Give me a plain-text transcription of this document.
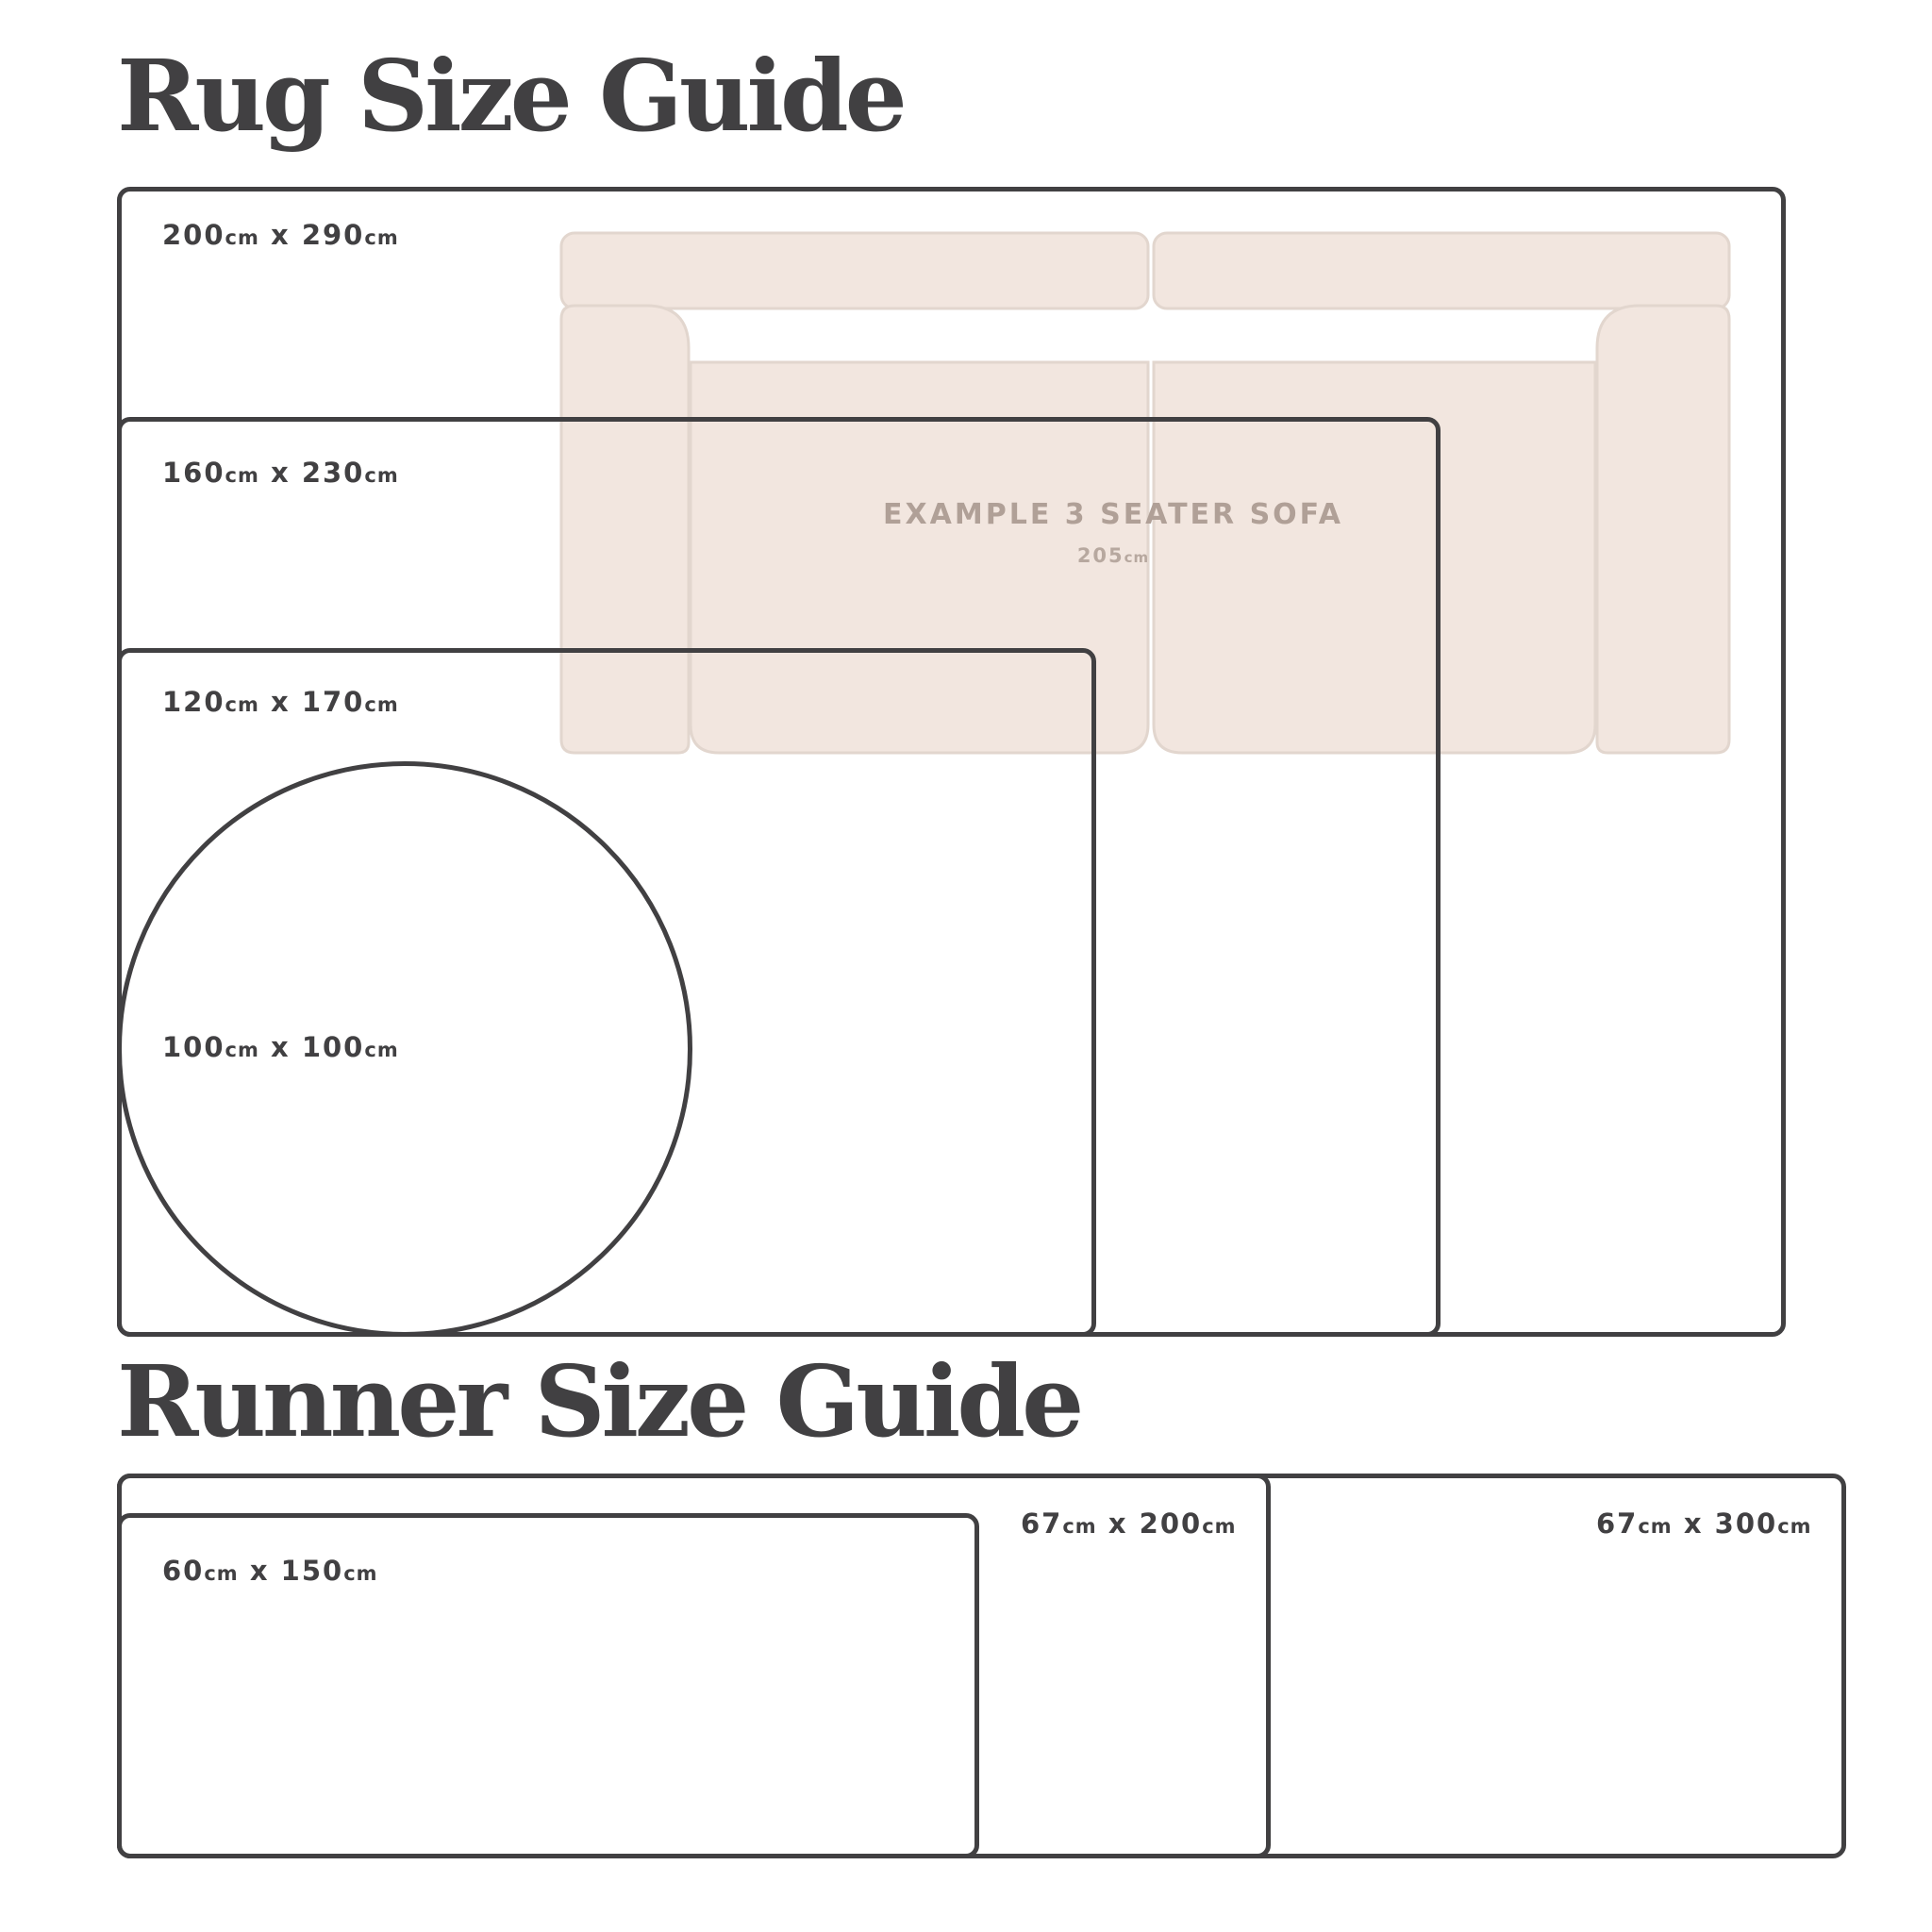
Rug Size Guide
EXAMPLE 3 SEATER SOFA
205cm
200cm x 290cm
160cm x 230cm
120cm x 170cm
100cm x 100cm
Runner Size Guide
67cm x 300cm
67cm x 200cm
60cm x 150cm
